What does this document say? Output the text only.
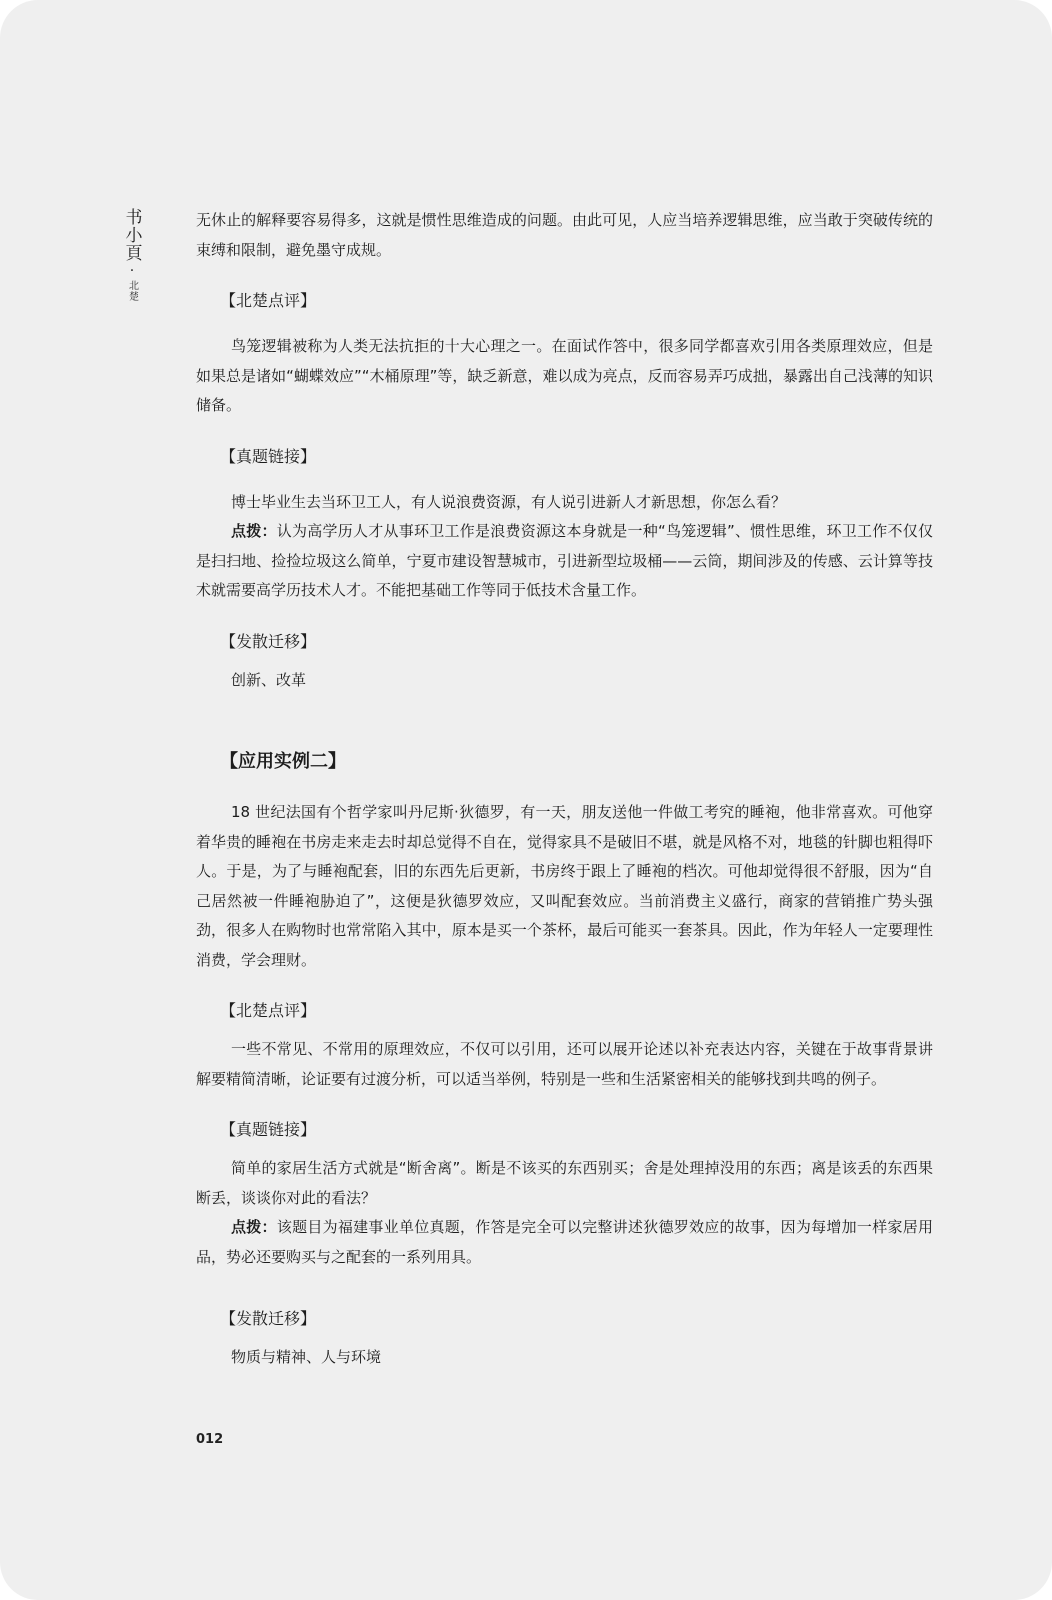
书小頁
·
北楚

无休止的解释要容易得多，这就是惯性思维造成的问题。由此可见，人应当培养逻辑思维，应当敢于突破传统的束缚和限制，避免墨守成规。

【北楚点评】

鸟笼逻辑被称为人类无法抗拒的十大心理之一。在面试作答中，很多同学都喜欢引用各类原理效应，但是如果总是诸如“蝴蝶效应”“木桶原理”等，缺乏新意，难以成为亮点，反而容易弄巧成拙，暴露出自己浅薄的知识储备。

【真题链接】

博士毕业生去当环卫工人，有人说浪费资源，有人说引进新人才新思想，你怎么看？

点拨：认为高学历人才从事环卫工作是浪费资源这本身就是一种“鸟笼逻辑”、惯性思维，环卫工作不仅仅是扫扫地、捡捡垃圾这么简单，宁夏市建设智慧城市，引进新型垃圾桶——云筒，期间涉及的传感、云计算等技术就需要高学历技术人才。不能把基础工作等同于低技术含量工作。

【发散迁移】

创新、改革

【应用实例二】

18 世纪法国有个哲学家叫丹尼斯·狄德罗，有一天，朋友送他一件做工考究的睡袍，他非常喜欢。可他穿着华贵的睡袍在书房走来走去时却总觉得不自在，觉得家具不是破旧不堪，就是风格不对，地毯的针脚也粗得吓人。于是，为了与睡袍配套，旧的东西先后更新，书房终于跟上了睡袍的档次。可他却觉得很不舒服，因为“自己居然被一件睡袍胁迫了”，这便是狄德罗效应，又叫配套效应。当前消费主义盛行，商家的营销推广势头强劲，很多人在购物时也常常陷入其中，原本是买一个茶杯，最后可能买一套茶具。因此，作为年轻人一定要理性消费，学会理财。

【北楚点评】

一些不常见、不常用的原理效应，不仅可以引用，还可以展开论述以补充表达内容，关键在于故事背景讲解要精简清晰，论证要有过渡分析，可以适当举例，特别是一些和生活紧密相关的能够找到共鸣的例子。

【真题链接】

简单的家居生活方式就是“断舍离”。断是不该买的东西别买；舍是处理掉没用的东西；离是该丢的东西果断丢，谈谈你对此的看法？

点拨：该题目为福建事业单位真题，作答是完全可以完整讲述狄德罗效应的故事，因为每增加一样家居用品，势必还要购买与之配套的一系列用具。

【发散迁移】

物质与精神、人与环境

012
